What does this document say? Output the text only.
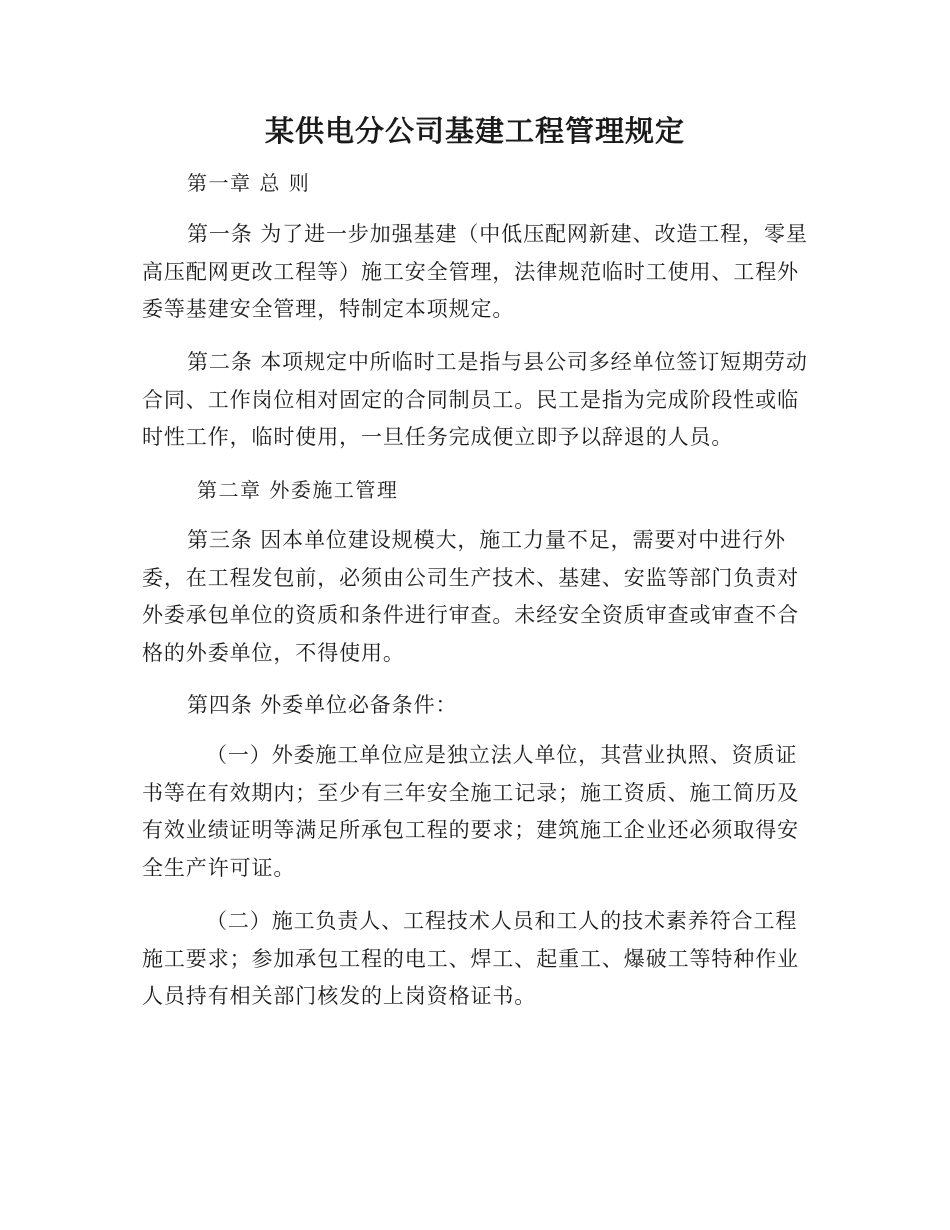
某供电分公司基建工程管理规定

第一章 总 则

第一条 为了进一步加强基建（中低压配网新建、改造工程，零星高压配网更改工程等）施工安全管理，法律规范临时工使用、工程外委等基建安全管理，特制定本项规定。

第二条 本项规定中所临时工是指与县公司多经单位签订短期劳动合同、工作岗位相对固定的合同制员工。民工是指为完成阶段性或临时性工作，临时使用，一旦任务完成便立即予以辞退的人员。

第二章 外委施工管理

第三条 因本单位建设规模大，施工力量不足，需要对中进行外委，在工程发包前，必须由公司生产技术、基建、安监等部门负责对外委承包单位的资质和条件进行审查。未经安全资质审查或审查不合格的外委单位，不得使用。

第四条 外委单位必备条件：

（一）外委施工单位应是独立法人单位，其营业执照、资质证书等在有效期内；至少有三年安全施工记录；施工资质、施工简历及有效业绩证明等满足所承包工程的要求；建筑施工企业还必须取得安全生产许可证。

（二）施工负责人、工程技术人员和工人的技术素养符合工程施工要求；参加承包工程的电工、焊工、起重工、爆破工等特种作业人员持有相关部门核发的上岗资格证书。
